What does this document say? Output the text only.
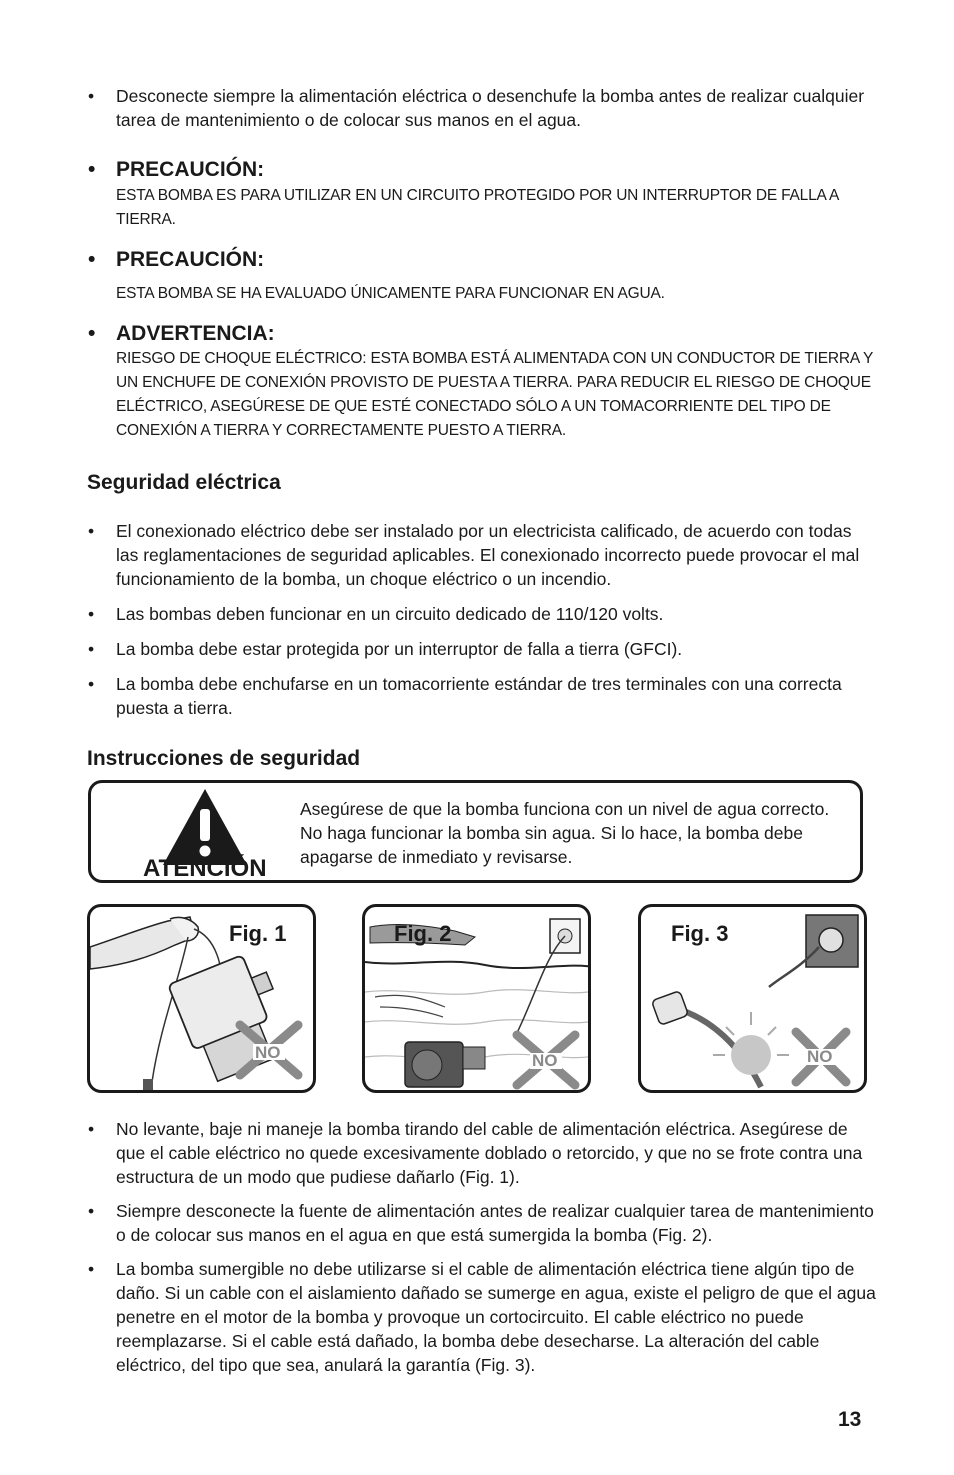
• Desconecte siempre la alimentación eléctrica o desenchufe la bomba antes de realizar cualquier tarea de mantenimiento o de colocar sus manos en el agua.
• PRECAUCIÓN:
ESTA BOMBA ES PARA UTILIZAR EN UN CIRCUITO PROTEGIDO POR UN INTERRUPTOR DE FALLA A TIERRA.
• PRECAUCIÓN:
ESTA BOMBA SE HA EVALUADO ÚNICAMENTE PARA FUNCIONAR EN AGUA.
• ADVERTENCIA:
RIESGO DE CHOQUE ELÉCTRICO: ESTA BOMBA ESTÁ ALIMENTADA CON UN CONDUCTOR DE TIERRA Y UN ENCHUFE DE CONEXIÓN PROVISTO DE PUESTA A TIERRA. PARA REDUCIR EL RIESGO DE CHOQUE ELÉCTRICO, ASEGÚRESE DE QUE ESTÉ CONECTADO SÓLO A UN TOMACORRIENTE DEL TIPO DE CONEXIÓN A TIERRA Y CORRECTAMENTE PUESTO A TIERRA.
Seguridad eléctrica
• El conexionado eléctrico debe ser instalado por un electricista calificado, de acuerdo con todas las reglamentaciones de seguridad aplicables. El conexionado incorrecto puede provocar el mal funcionamiento de la bomba, un choque eléctrico o un incendio.
• Las bombas deben funcionar en un circuito dedicado de 110/120 volts.
• La bomba debe estar protegida por un interruptor de falla a tierra (GFCI).
• La bomba debe enchufarse en un tomacorriente estándar de tres terminales con una correcta puesta a tierra.
Instrucciones de seguridad
ATENCIÓN
Asegúrese de que la bomba funciona con un nivel de agua correcto. No haga funcionar la bomba sin agua. Si lo hace, la bomba debe apagarse de inmediato y revisarse.
Fig. 1
NO
Fig. 2
NO
Fig. 3
NO
• No levante, baje ni maneje la bomba tirando del cable de alimentación eléctrica. Asegúrese de que el cable eléctrico no quede excesivamente doblado o retorcido, y que no se frote contra una estructura de un modo que pudiese dañarlo (Fig. 1).
• Siempre desconecte la fuente de alimentación antes de realizar cualquier tarea de mantenimiento o de colocar sus manos en el agua en que está sumergida la bomba (Fig. 2).
• La bomba sumergible no debe utilizarse si el cable de alimentación eléctrica tiene algún tipo de daño. Si un cable con el aislamiento dañado se sumerge en agua, existe el peligro de que el agua penetre en el motor de la bomba y provoque un cortocircuito. El cable eléctrico no puede reemplazarse. Si el cable está dañado, la bomba debe desecharse. La alteración del cable eléctrico, del tipo que sea, anulará la garantía (Fig. 3).
13
